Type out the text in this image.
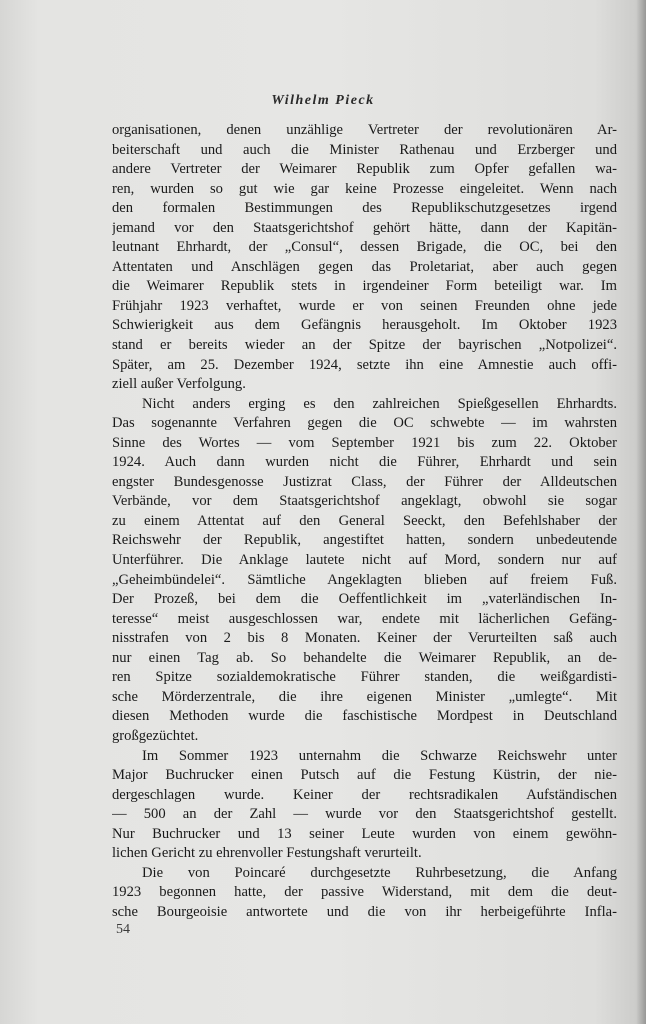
Wilhelm Pieck
organisationen, denen unzählige Vertreter der revolutionären Ar-
beiterschaft und auch die Minister Rathenau und Erzberger und
andere Vertreter der Weimarer Republik zum Opfer gefallen wa-
ren, wurden so gut wie gar keine Prozesse eingeleitet. Wenn nach
den formalen Bestimmungen des Republikschutzgesetzes irgend
jemand vor den Staatsgerichtshof gehört hätte, dann der Kapitän-
leutnant Ehrhardt, der „Consul“, dessen Brigade, die OC, bei den
Attentaten und Anschlägen gegen das Proletariat, aber auch gegen
die Weimarer Republik stets in irgendeiner Form beteiligt war. Im
Frühjahr 1923 verhaftet, wurde er von seinen Freunden ohne jede
Schwierigkeit aus dem Gefängnis herausgeholt. Im Oktober 1923
stand er bereits wieder an der Spitze der bayrischen „Notpolizei“.
Später, am 25. Dezember 1924, setzte ihn eine Amnestie auch offi-
ziell außer Verfolgung.
Nicht anders erging es den zahlreichen Spießgesellen Ehrhardts.
Das sogenannte Verfahren gegen die OC schwebte — im wahrsten
Sinne des Wortes — vom September 1921 bis zum 22. Oktober
1924. Auch dann wurden nicht die Führer, Ehrhardt und sein
engster Bundesgenosse Justizrat Class, der Führer der Alldeutschen
Verbände, vor dem Staatsgerichtshof angeklagt, obwohl sie sogar
zu einem Attentat auf den General Seeckt, den Befehlshaber der
Reichswehr der Republik, angestiftet hatten, sondern unbedeutende
Unterführer. Die Anklage lautete nicht auf Mord, sondern nur auf
„Geheimbündelei“. Sämtliche Angeklagten blieben auf freiem Fuß.
Der Prozeß, bei dem die Oeffentlichkeit im „vaterländischen In-
teresse“ meist ausgeschlossen war, endete mit lächerlichen Gefäng-
nisstrafen von 2 bis 8 Monaten. Keiner der Verurteilten saß auch
nur einen Tag ab. So behandelte die Weimarer Republik, an de-
ren Spitze sozialdemokratische Führer standen, die weißgardisti-
sche Mörderzentrale, die ihre eigenen Minister „umlegte“. Mit
diesen Methoden wurde die faschistische Mordpest in Deutschland
großgezüchtet.
Im Sommer 1923 unternahm die Schwarze Reichswehr unter
Major Buchrucker einen Putsch auf die Festung Küstrin, der nie-
dergeschlagen wurde. Keiner der rechtsradikalen Aufständischen
— 500 an der Zahl — wurde vor den Staatsgerichtshof gestellt.
Nur Buchrucker und 13 seiner Leute wurden von einem gewöhn-
lichen Gericht zu ehrenvoller Festungshaft verurteilt.
Die von Poincaré durchgesetzte Ruhrbesetzung, die Anfang
1923 begonnen hatte, der passive Widerstand, mit dem die deut-
sche Bourgeoisie antwortete und die von ihr herbeigeführte Infla-
54
